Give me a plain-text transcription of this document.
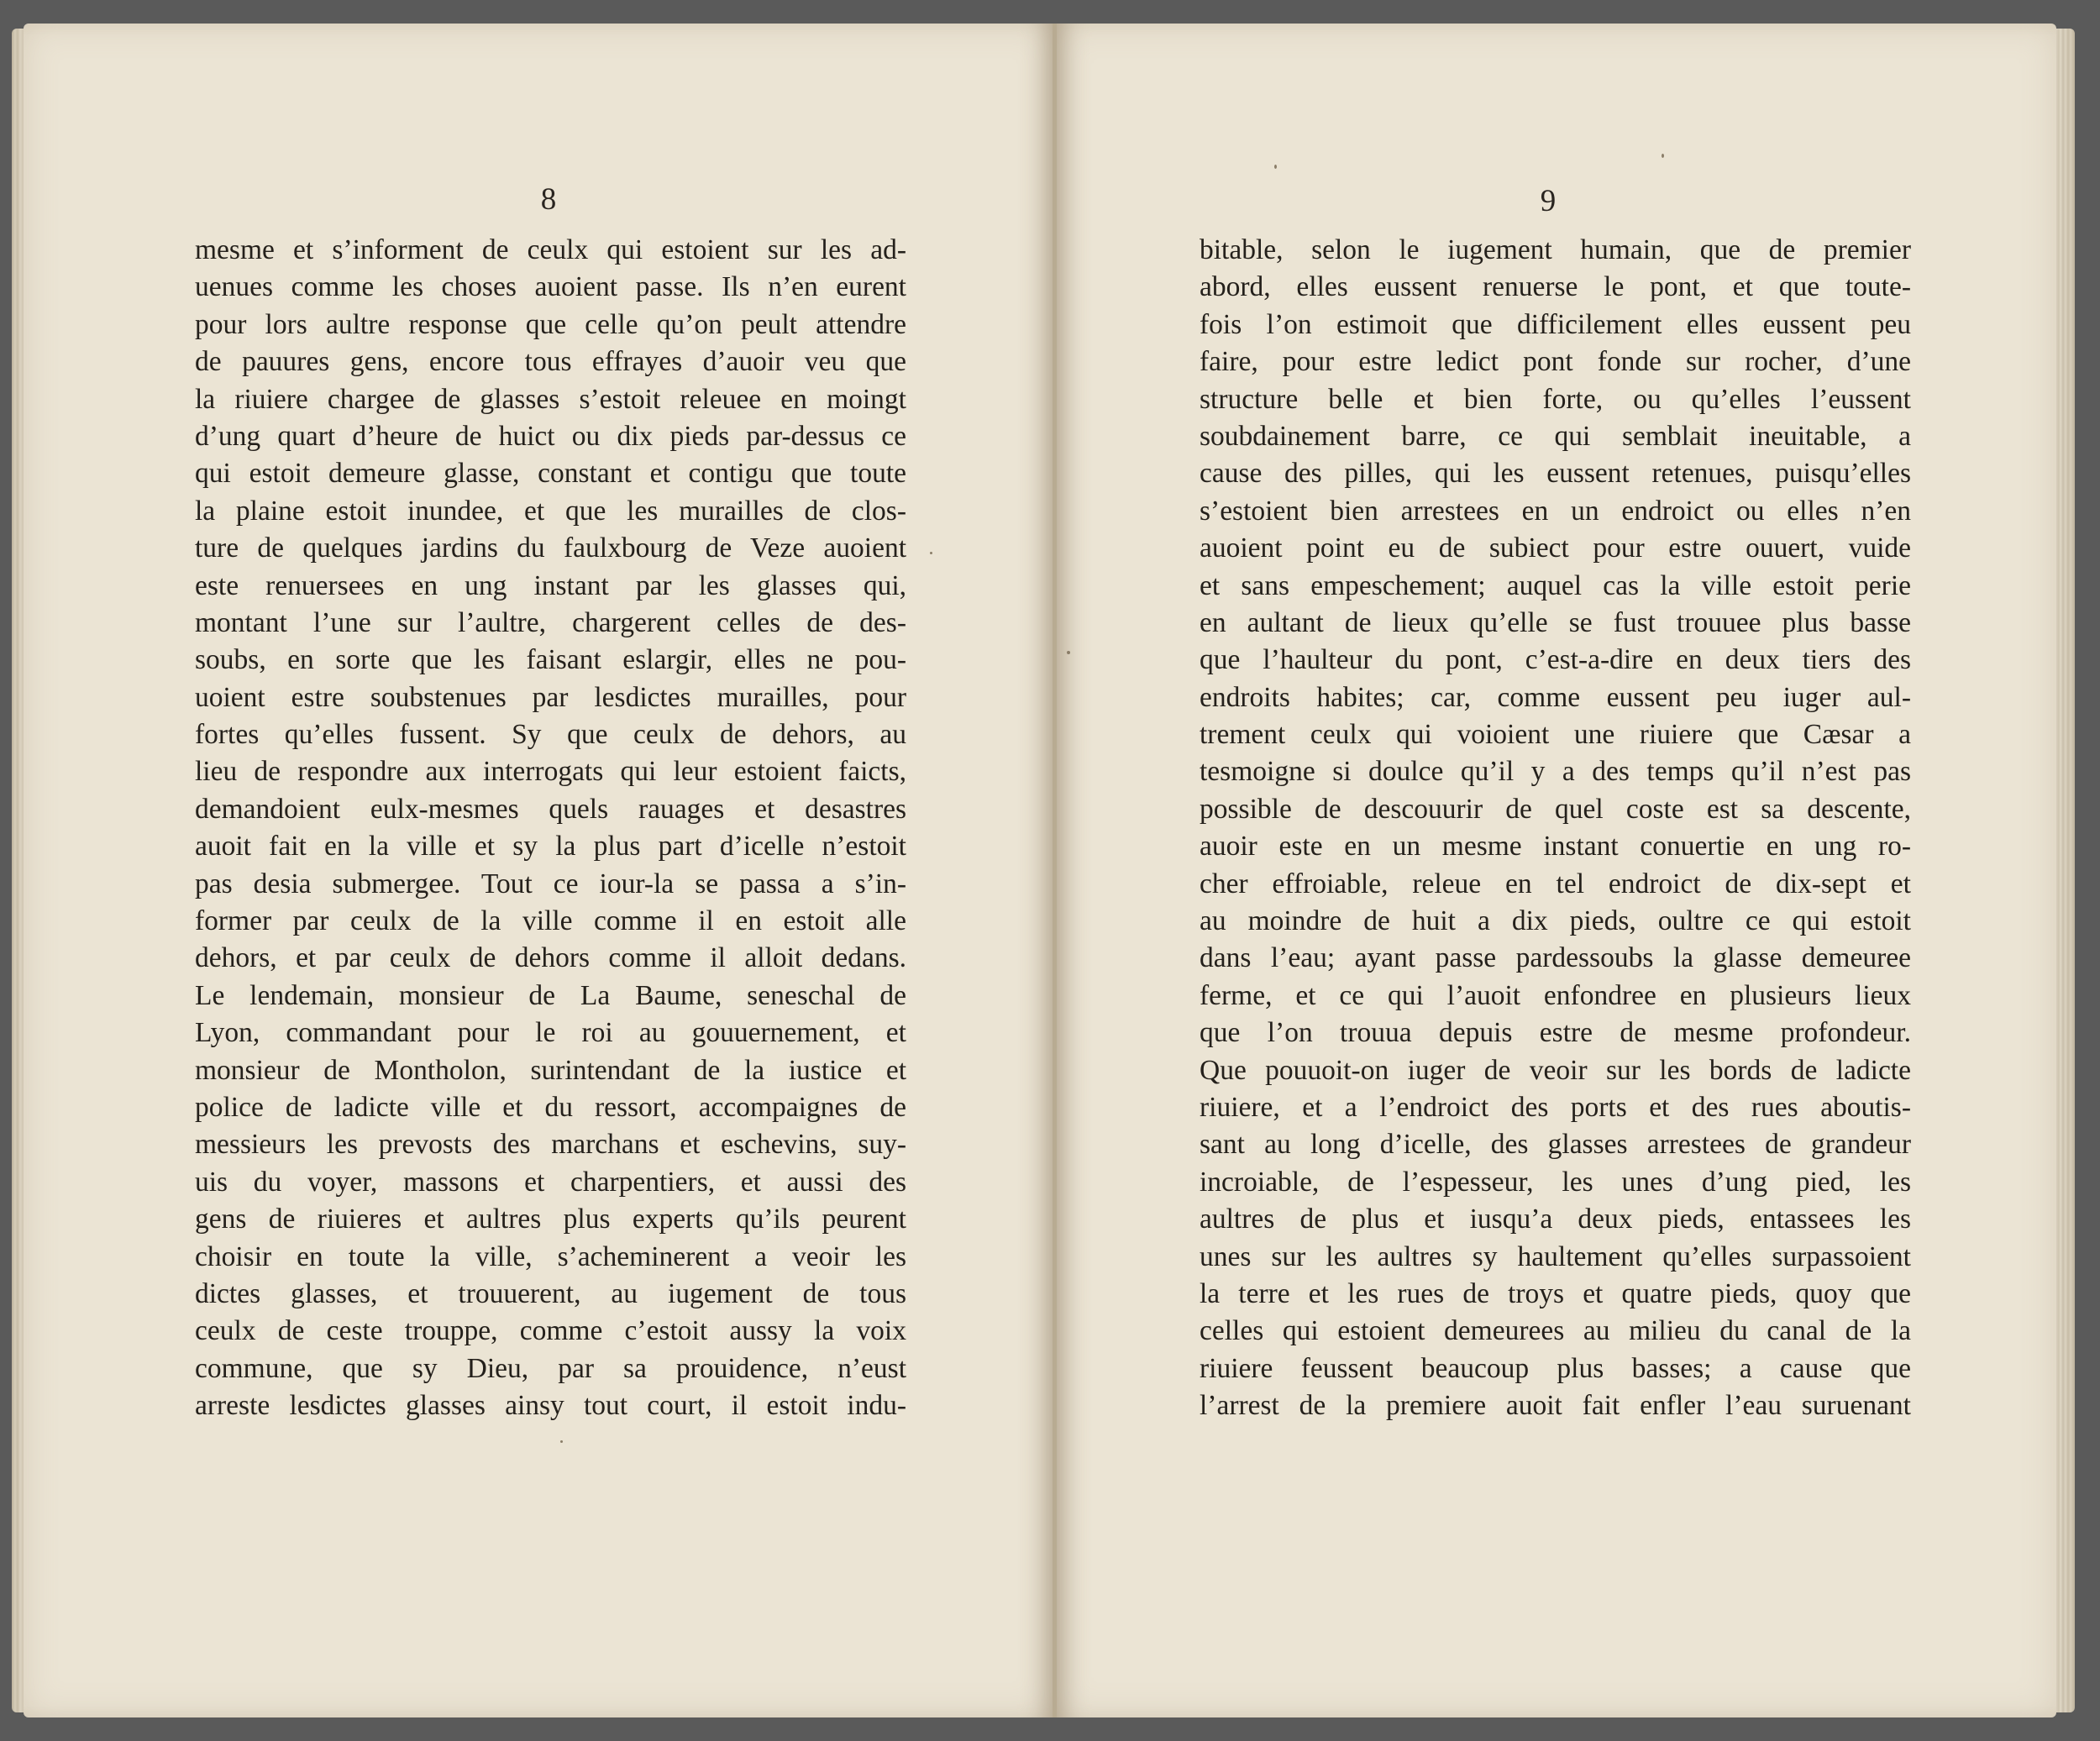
8
mesme et s’informent de ceulx qui estoient sur les ad-
uenues comme les choses auoient passe. Ils n’en eurent
pour lors aultre response que celle qu’on peult attendre
de pauures gens, encore tous effrayes d’auoir veu que
la riuiere chargee de glasses s’estoit releuee en moingt
d’ung quart d’heure de huict ou dix pieds par-dessus ce
qui estoit demeure glasse, constant et contigu que toute
la plaine estoit inundee, et que les murailles de clos-
ture de quelques jardins du faulxbourg de Veze auoient
este renuersees en ung instant par les glasses qui,
montant l’une sur l’aultre, chargerent celles de des-
soubs, en sorte que les faisant eslargir, elles ne pou-
uoient estre soubstenues par lesdictes murailles, pour
fortes qu’elles fussent. Sy que ceulx de dehors, au
lieu de respondre aux interrogats qui leur estoient faicts,
demandoient eulx-mesmes quels rauages et desastres
auoit fait en la ville et sy la plus part d’icelle n’estoit
pas desia submergee. Tout ce iour-la se passa a s’in-
former par ceulx de la ville comme il en estoit alle
dehors, et par ceulx de dehors comme il alloit dedans.
Le lendemain, monsieur de La Baume, seneschal de
Lyon, commandant pour le roi au gouuernement, et
monsieur de Montholon, surintendant de la iustice et
police de ladicte ville et du ressort, accompaignes de
messieurs les prevosts des marchans et eschevins, suy-
uis du voyer, massons et charpentiers, et aussi des
gens de riuieres et aultres plus experts qu’ils peurent
choisir en toute la ville, s’acheminerent a veoir les
dictes glasses, et trouuerent, au iugement de tous
ceulx de ceste trouppe, comme c’estoit aussy la voix
commune, que sy Dieu, par sa prouidence, n’eust
arreste lesdictes glasses ainsy tout court, il estoit indu-
9
bitable, selon le iugement humain, que de premier
abord, elles eussent renuerse le pont, et que toute-
fois l’on estimoit que difficilement elles eussent peu
faire, pour estre ledict pont fonde sur rocher, d’une
structure belle et bien forte, ou qu’elles l’eussent
soubdainement barre, ce qui semblait ineuitable, a
cause des pilles, qui les eussent retenues, puisqu’elles
s’estoient bien arrestees en un endroict ou elles n’en
auoient point eu de subiect pour estre ouuert, vuide
et sans empeschement; auquel cas la ville estoit perie
en aultant de lieux qu’elle se fust trouuee plus basse
que l’haulteur du pont, c’est-a-dire en deux tiers des
endroits habites; car, comme eussent peu iuger aul-
trement ceulx qui voioient une riuiere que Cæsar a
tesmoigne si doulce qu’il y a des temps qu’il n’est pas
possible de descouurir de quel coste est sa descente,
auoir este en un mesme instant conuertie en ung ro-
cher effroiable, releue en tel endroict de dix-sept et
au moindre de huit a dix pieds, oultre ce qui estoit
dans l’eau; ayant passe pardessoubs la glasse demeuree
ferme, et ce qui l’auoit enfondree en plusieurs lieux
que l’on trouua depuis estre de mesme profondeur.
Que pouuoit-on iuger de veoir sur les bords de ladicte
riuiere, et a l’endroict des ports et des rues aboutis-
sant au long d’icelle, des glasses arrestees de grandeur
incroiable, de l’espesseur, les unes d’ung pied, les
aultres de plus et iusqu’a deux pieds, entassees les
unes sur les aultres sy haultement qu’elles surpassoient
la terre et les rues de troys et quatre pieds, quoy que
celles qui estoient demeurees au milieu du canal de la
riuiere feussent beaucoup plus basses; a cause que
l’arrest de la premiere auoit fait enfler l’eau suruenant
